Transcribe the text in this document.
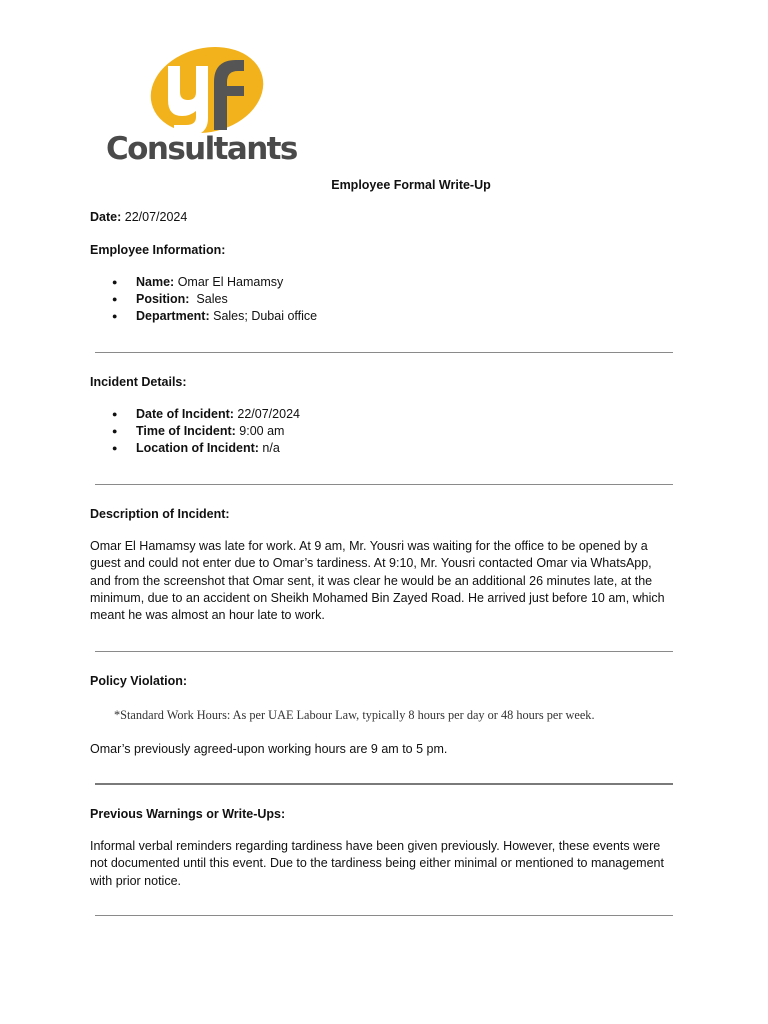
Consultants
Employee Formal Write-Up
Date: 22/07/2024
Employee Information:
● Name: Omar El Hamamsy
● Position:  Sales
● Department: Sales; Dubai office
Incident Details:
● Date of Incident: 22/07/2024
● Time of Incident: 9:00 am
● Location of Incident: n/a
Description of Incident:
Omar El Hamamsy was late for work. At 9 am, Mr. Yousri was waiting for the office to be opened by a
guest and could not enter due to Omar’s tardiness. At 9:10, Mr. Yousri contacted Omar via WhatsApp,
and from the screenshot that Omar sent, it was clear he would be an additional 26 minutes late, at the
minimum, due to an accident on Sheikh Mohamed Bin Zayed Road. He arrived just before 10 am, which
meant he was almost an hour late to work.
Policy Violation:
*Standard Work Hours: As per UAE Labour Law, typically 8 hours per day or 48 hours per week.
Omar’s previously agreed-upon working hours are 9 am to 5 pm.
Previous Warnings or Write-Ups:
Informal verbal reminders regarding tardiness have been given previously. However, these events were
not documented until this event. Due to the tardiness being either minimal or mentioned to management
with prior notice.
